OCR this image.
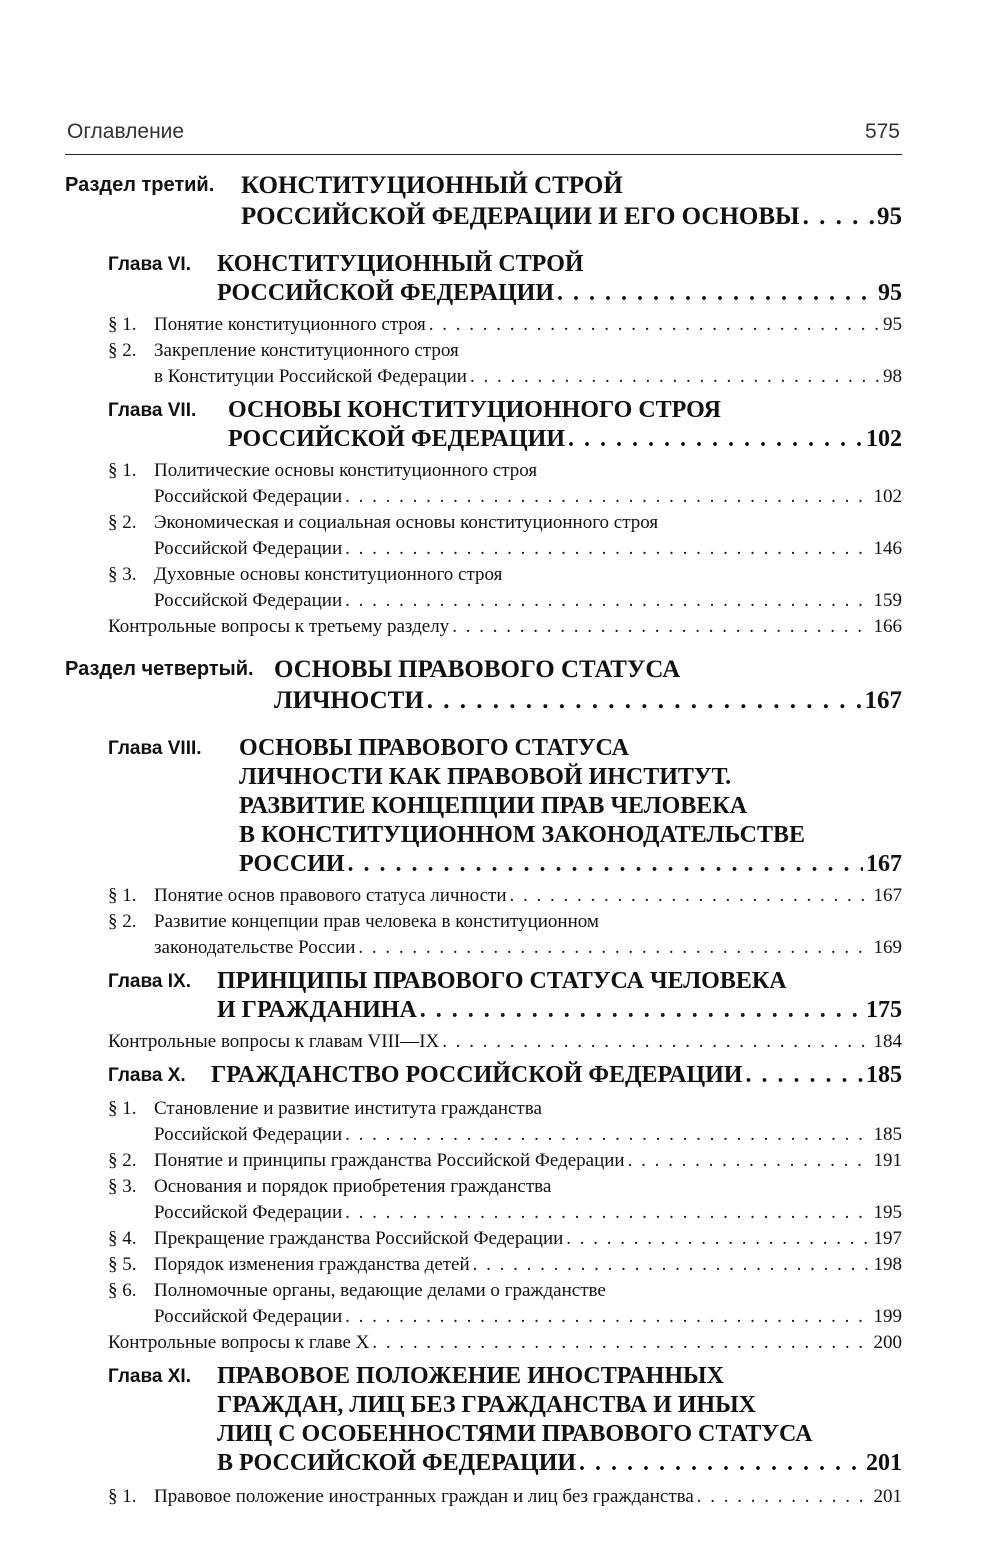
Оглавление	575
Раздел третий.	КОНСТИТУЦИОННЫЙ СТРОЙ
РОССИЙСКОЙ ФЕДЕРАЦИИ И ЕГО ОСНОВЫ . . .	95
Глава VI.	КОНСТИТУЦИОННЫЙ СТРОЙ
РОССИЙСКОЙ ФЕДЕРАЦИИ . . .	95
§ 1. Понятие конституционного строя . . .	95
§ 2. Закрепление конституционного строя
в Конституции Российской Федерации . . .	98
Глава VII.	ОСНОВЫ КОНСТИТУЦИОННОГО СТРОЯ
РОССИЙСКОЙ ФЕДЕРАЦИИ . . .	102
§ 1. Политические основы конституционного строя
Российской Федерации . . .	102
§ 2. Экономическая и социальная основы конституционного строя
Российской Федерации . . .	146
§ 3. Духовные основы конституционного строя
Российской Федерации . . .	159
Контрольные вопросы к третьему разделу . . .	166
Раздел четвертый. ОСНОВЫ ПРАВОВОГО СТАТУСА
ЛИЧНОСТИ . . .	167
Глава VIII.	ОСНОВЫ ПРАВОВОГО СТАТУСА
ЛИЧНОСТИ КАК ПРАВОВОЙ ИНСТИТУТ.
РАЗВИТИЕ КОНЦЕПЦИИ ПРАВ ЧЕЛОВЕКА
В КОНСТИТУЦИОННОМ ЗАКОНОДАТЕЛЬСТВЕ
РОССИИ . . .	167
§ 1. Понятие основ правового статуса личности . . .	167
§ 2. Развитие концепции прав человека в конституционном
законодательстве России . . .	169
Глава IX.	ПРИНЦИПЫ ПРАВОВОГО СТАТУСА ЧЕЛОВЕКА
И ГРАЖДАНИНА . . .	175
Контрольные вопросы к главам VIII—IX . . .	184
Глава X. ГРАЖДАНСТВО РОССИЙСКОЙ ФЕДЕРАЦИИ . . .	185
§ 1. Становление и развитие института гражданства
Российской Федерации . . .	185
§ 2. Понятие и принципы гражданства Российской Федерации . . .	191
§ 3. Основания и порядок приобретения гражданства
Российской Федерации . . .	195
§ 4. Прекращение гражданства Российской Федерации . . .	197
§ 5. Порядок изменения гражданства детей . . .	198
§ 6. Полномочные органы, ведающие делами о гражданстве
Российской Федерации . . .	199
Контрольные вопросы к главе X . . .	200
Глава XI.	ПРАВОВОЕ ПОЛОЖЕНИЕ ИНОСТРАННЫХ
ГРАЖДАН, ЛИЦ БЕЗ ГРАЖДАНСТВА И ИНЫХ
ЛИЦ С ОСОБЕННОСТЯМИ ПРАВОВОГО СТАТУСА
В РОССИЙСКОЙ ФЕДЕРАЦИИ . . .	201
§ 1. Правовое положение иностранных граждан и лиц без гражданства . . .	201
